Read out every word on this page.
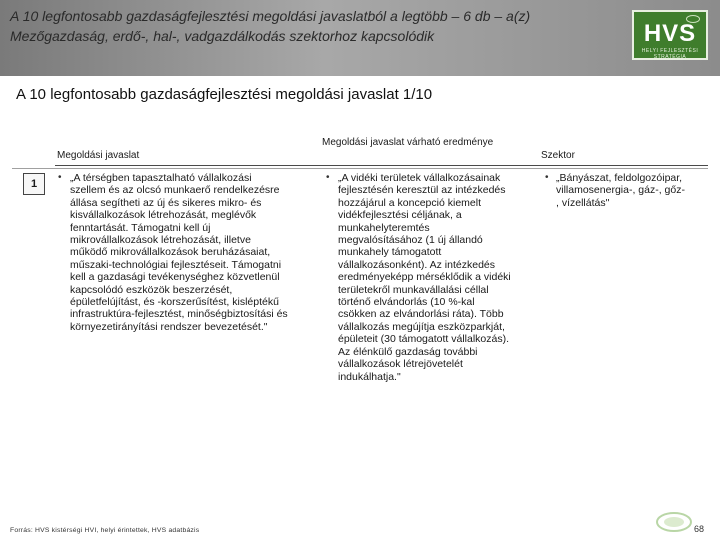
A 10 legfontosabb gazdaságfejlesztési megoldási javaslatból a legtöbb – 6 db – a(z) Mezőgazdaság, erdő-, hal-, vadgazdálkodás szektorhoz kapcsolódik	HVS
HELYI FEJLESZTÉSI STRATÉGIA
A 10 legfontosabb gazdaságfejlesztési megoldási javaslat 1/10
Megoldási javaslat
Megoldási javaslat várható eredménye
Szektor
1
• „A térségben tapasztalható vállalkozási
szellem és az olcsó munkaerő rendelkezésre
állása segítheti az új és sikeres mikro- és
kisvállalkozások létrehozását, meglévők
fenntartását. Támogatni kell új
mikrovállalkozások létrehozását, illetve
működő mikrovállalkozások beruházásaiat,
műszaki-technológiai fejlesztéseit. Támogatni
kell a gazdasági tevékenységhez közvetlenül
kapcsolódó eszközök beszerzését,
épületfelújítást, és -korszerűsítést, kisléptékű
infrastruktúra-fejlesztést, minőségbiztosítási és
környezetirányítási rendszer bevezetését."
• „A vidéki területek vállalkozásainak
fejlesztésén keresztül az intézkedés
hozzájárul a koncepció kiemelt
vidékfejlesztési céljának, a
munkahelyteremtés
megvalósításához (1 új állandó
munkahely támogatott
vállalkozásonként). Az intézkedés
eredményeképp mérséklődik a vidéki
területekről munkavállalási céllal
történő elvándorlás (10 %-kal
csökken az elvándorlási ráta). Több
vállalkozás megújítja eszközparkját,
épületeit (30 támogatott vállalkozás).
Az élénkülő gazdaság további
vállalkozások létrejövetelét
indukálhatja."
• „Bányászat, feldolgozóipar,
villamosenergia-, gáz-, gőz-
, vízellátás"
Forrás: HVS kistérségi HVI, helyi érintettek, HVS adatbázis	68
